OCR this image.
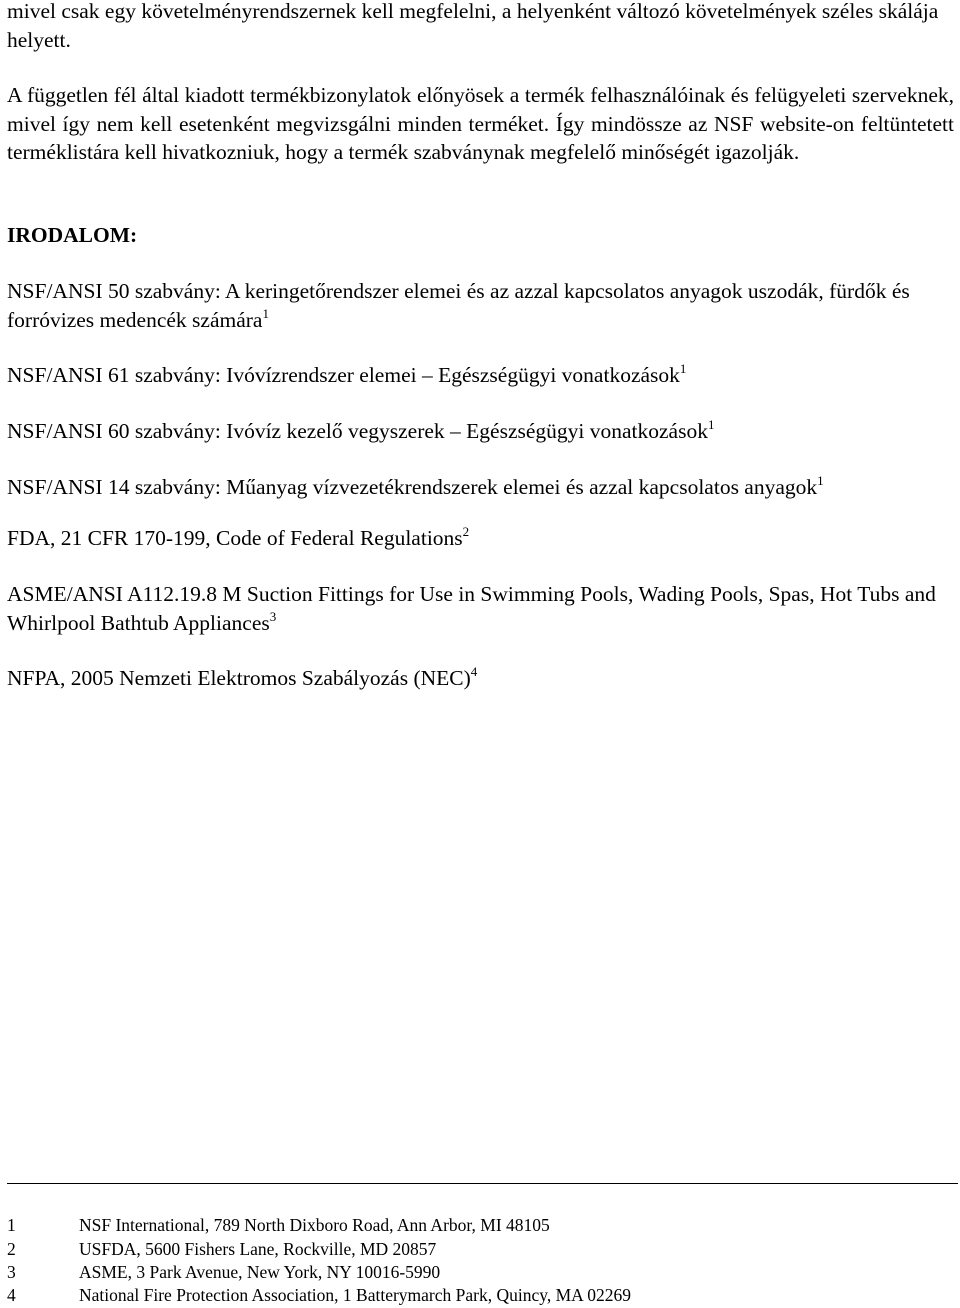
mivel csak egy követelményrendszernek kell megfelelni, a helyenként változó követelmények széles skálája helyett.

A független fél által kiadott termékbizonylatok előnyösek a termék felhasználóinak és felügyeleti szerveknek, mivel így nem kell esetenként megvizsgálni minden terméket. Így mindössze az NSF website-on feltüntetett terméklistára kell hivatkozniuk, hogy a termék szabványnak megfelelő minőségét igazolják.

IRODALOM:

NSF/ANSI 50 szabvány: A keringetőrendszer elemei és az azzal kapcsolatos anyagok uszodák, fürdők és forróvizes medencék számára$^1$

NSF/ANSI 61 szabvány: Ivóvízrendszer elemei – Egészségügyi vonatkozások$^1$

NSF/ANSI 60 szabvány: Ivóvíz kezelő vegyszerek – Egészségügyi vonatkozások$^1$

NSF/ANSI 14 szabvány: Műanyag vízvezetékrendszerek elemei és azzal kapcsolatos anyagok$^1$

FDA, 21 CFR 170-199, Code of Federal Regulations$^2$

ASME/ANSI A112.19.8 M Suction Fittings for Use in Swimming Pools, Wading Pools, Spas, Hot Tubs and Whirlpool Bathtub Appliances$^3$

NFPA, 2005 Nemzeti Elektromos Szabályozás (NEC)$^4$

1	NSF International, 789 North Dixboro Road, Ann Arbor, MI 48105

2	USFDA, 5600 Fishers Lane, Rockville, MD 20857

3	ASME, 3 Park Avenue, New York, NY 10016-5990

4	National Fire Protection Association, 1 Batterymarch Park, Quincy, MA 02269
